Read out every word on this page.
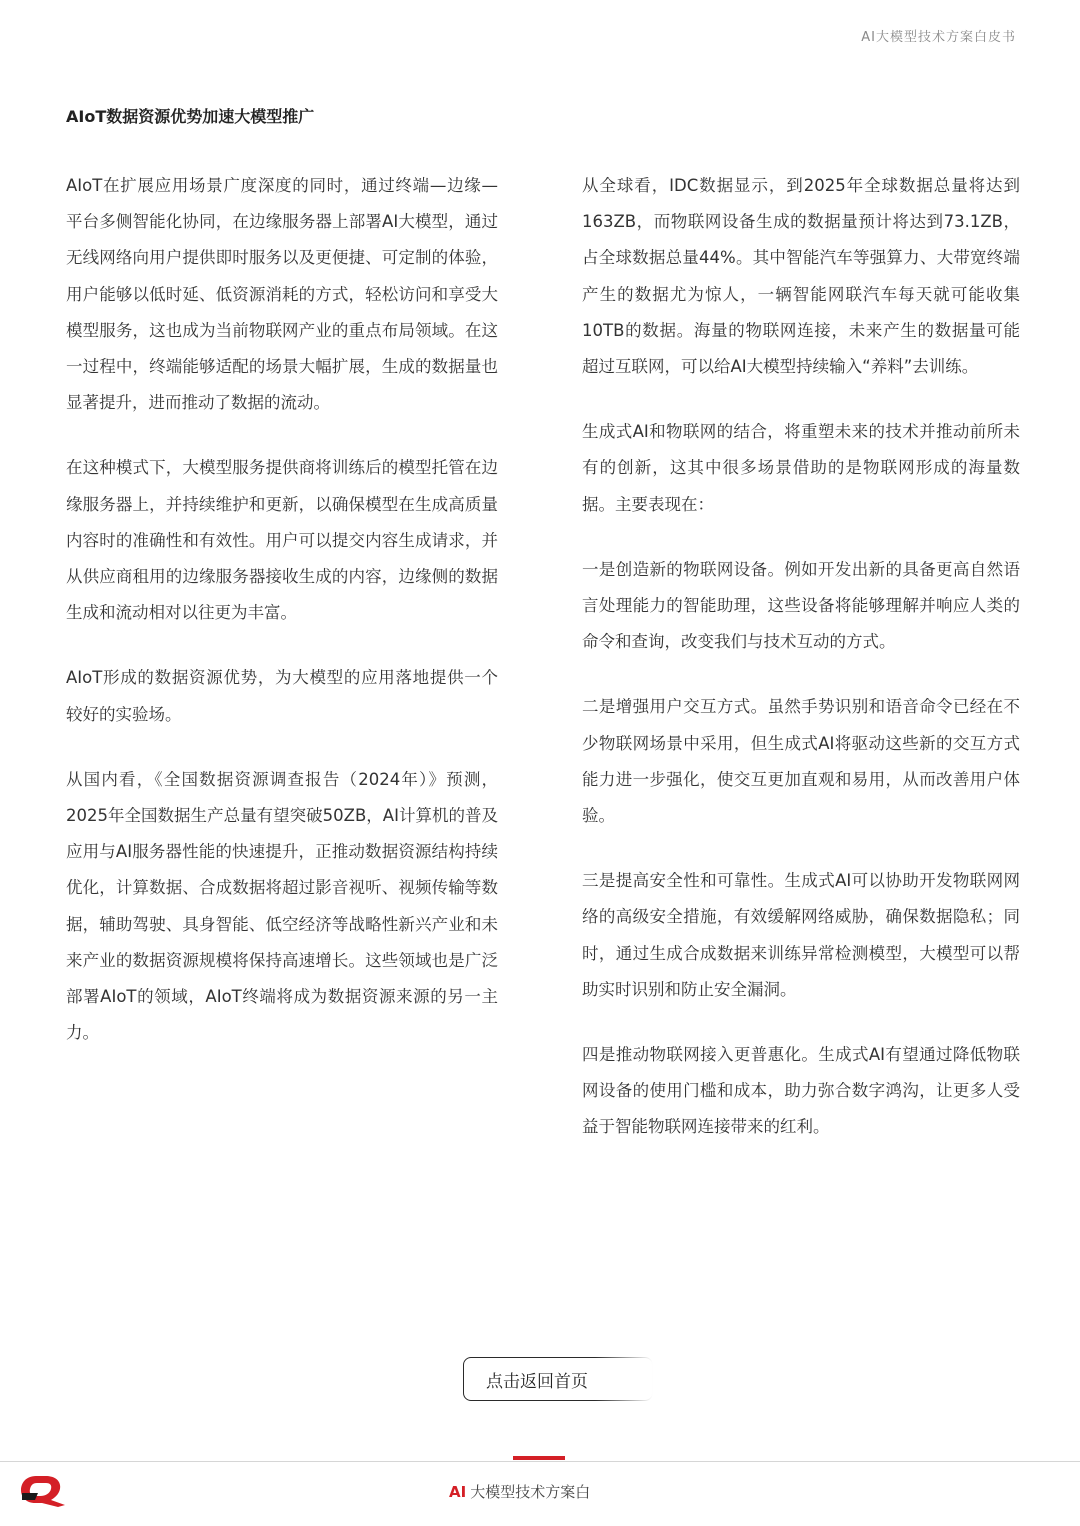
AI大模型技术方案白皮书
AIoT数据资源优势加速大模型推广

AIoT在扩展应用场景广度深度的同时，通过终端—边缘—平台多侧智能化协同，在边缘服务器上部署AI大模型，通过无线网络向用户提供即时服务以及更便捷、可定制的体验，用户能够以低时延、低资源消耗的方式，轻松访问和享受大模型服务，这也成为当前物联网产业的重点布局领域。在这一过程中，终端能够适配的场景大幅扩展，生成的数据量也显著提升，进而推动了数据的流动。

在这种模式下，大模型服务提供商将训练后的模型托管在边缘服务器上，并持续维护和更新，以确保模型在生成高质量内容时的准确性和有效性。用户可以提交内容生成请求，并从供应商租用的边缘服务器接收生成的内容，边缘侧的数据生成和流动相对以往更为丰富。

AIoT形成的数据资源优势，为大模型的应用落地提供一个较好的实验场。

从国内看，《全国数据资源调查报告（2024年）》预测，2025年全国数据生产总量有望突破50ZB，AI计算机的普及应用与AI服务器性能的快速提升，正推动数据资源结构持续优化，计算数据、合成数据将超过影音视听、视频传输等数据，辅助驾驶、具身智能、低空经济等战略性新兴产业和未来产业的数据资源规模将保持高速增长。这些领域也是广泛部署AIoT的领域，AIoT终端将成为数据资源来源的另一主力。

从全球看，IDC数据显示，到2025年全球数据总量将达到163ZB，而物联网设备生成的数据量预计将达到73.1ZB，占全球数据总量44%。其中智能汽车等强算力、大带宽终端产生的数据尤为惊人，一辆智能网联汽车每天就可能收集10TB的数据。海量的物联网连接，未来产生的数据量可能超过互联网，可以给AI大模型持续输入“养料”去训练。

生成式AI和物联网的结合，将重塑未来的技术并推动前所未有的创新，这其中很多场景借助的是物联网形成的海量数据。主要表现在：

一是创造新的物联网设备。例如开发出新的具备更高自然语言处理能力的智能助理，这些设备将能够理解并响应人类的命令和查询，改变我们与技术互动的方式。

二是增强用户交互方式。虽然手势识别和语音命令已经在不少物联网场景中采用，但生成式AI将驱动这些新的交互方式能力进一步强化，使交互更加直观和易用，从而改善用户体验。

三是提高安全性和可靠性。生成式AI可以协助开发物联网网络的高级安全措施，有效缓解网络威胁，确保数据隐私；同时，通过生成合成数据来训练异常检测模型，大模型可以帮助实时识别和防止安全漏洞。

四是推动物联网接入更普惠化。生成式AI有望通过降低物联网设备的使用门槛和成本，助力弥合数字鸿沟，让更多人受益于智能物联网连接带来的红利。

点击返回首页
AI 大模型技术方案白
